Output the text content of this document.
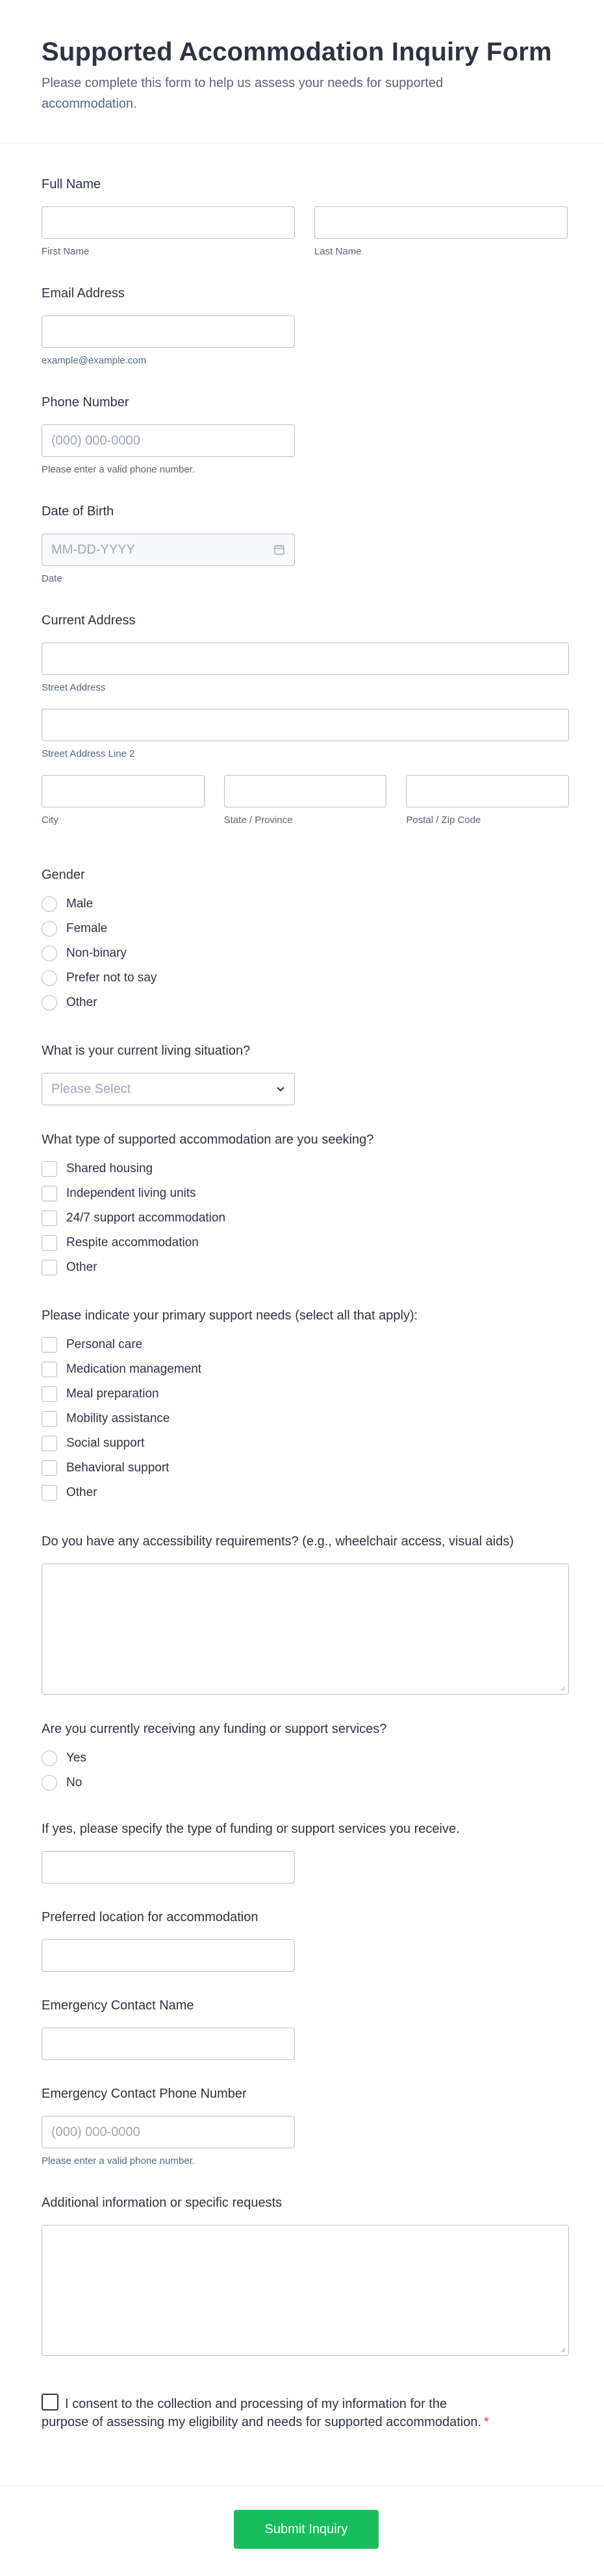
Supported Accommodation Inquiry Form

Please complete this form to help us assess your needs for supported accommodation.

Full Name
First Name	Last Name
Email Address
example@example.com
Phone Number
(000) 000-0000
Please enter a valid phone number.
Date of Birth
MM-DD-YYYY
Date
Current Address
Street Address
Street Address Line 2
City	State / Province	Postal / Zip Code
Gender
Male
Female
Non-binary
Prefer not to say
Other
What is your current living situation?
Please Select
What type of supported accommodation are you seeking?
Shared housing
Independent living units
24/7 support accommodation
Respite accommodation
Other
Please indicate your primary support needs (select all that apply):
Personal care
Medication management
Meal preparation
Mobility assistance
Social support
Behavioral support
Other
Do you have any accessibility requirements? (e.g., wheelchair access, visual aids)
Are you currently receiving any funding or support services?
Yes
No
If yes, please specify the type of funding or support services you receive.
Preferred location for accommodation
Emergency Contact Name
Emergency Contact Phone Number
(000) 000-0000
Please enter a valid phone number.
Additional information or specific requests
I consent to the collection and processing of my information for the purpose of assessing my eligibility and needs for supported accommodation. *
Submit Inquiry
